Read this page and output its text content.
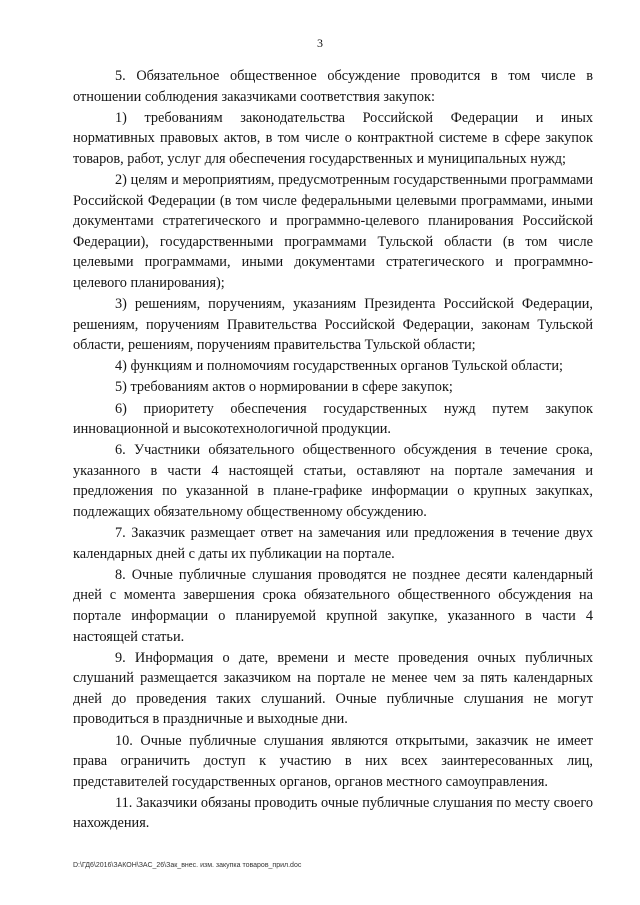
3

5. Обязательное общественное обсуждение проводится в том числе в отношении соблюдения заказчиками соответствия закупок:

1) требованиям законодательства Российской Федерации и иных нормативных правовых актов, в том числе о контрактной системе в сфере закупок товаров, работ, услуг для обеспечения государственных и муниципальных нужд;

2) целям и мероприятиям, предусмотренным государственными программами Российской Федерации (в том числе федеральными целевыми программами, иными документами стратегического и программно-целевого планирования Российской Федерации), государственными программами Тульской области (в том числе целевыми программами, иными документами стратегического и программно-целевого планирования);

3) решениям, поручениям, указаниям Президента Российской Федерации, решениям, поручениям Правительства Российской Федерации, законам Тульской области, решениям, поручениям правительства Тульской области;

4) функциям и полномочиям государственных органов Тульской области;

5) требованиям актов о нормировании в сфере закупок;

6) приоритету обеспечения государственных нужд путем закупок инновационной и высокотехнологичной продукции.

6. Участники обязательного общественного обсуждения в течение срока, указанного в части 4 настоящей статьи, оставляют на портале замечания и предложения по указанной в плане-графике информации о крупных закупках, подлежащих обязательному общественному обсуждению.

7. Заказчик размещает ответ на замечания или предложения в течение двух календарных дней с даты их публикации на портале.

8. Очные публичные слушания проводятся не позднее десяти календарный дней с момента завершения срока обязательного общественного обсуждения на портале информации о планируемой крупной закупке, указанного в части 4 настоящей статьи.

9. Информация о дате, времени и месте проведения очных публичных слушаний размещается заказчиком на портале не менее чем за пять календарных дней до проведения таких слушаний. Очные публичные слушания не могут проводиться в праздничные и выходные дни.

10. Очные публичные слушания являются открытыми, заказчик не имеет права ограничить доступ к участию в них всех заинтересованных лиц, представителей государственных органов, органов местного самоуправления.

11. Заказчики обязаны проводить очные публичные слушания по месту своего нахождения.

D:\ГД6\2016\ЗАКОН\ЗАС_26\Зак_внес. изм. закупка товаров_прил.doc
